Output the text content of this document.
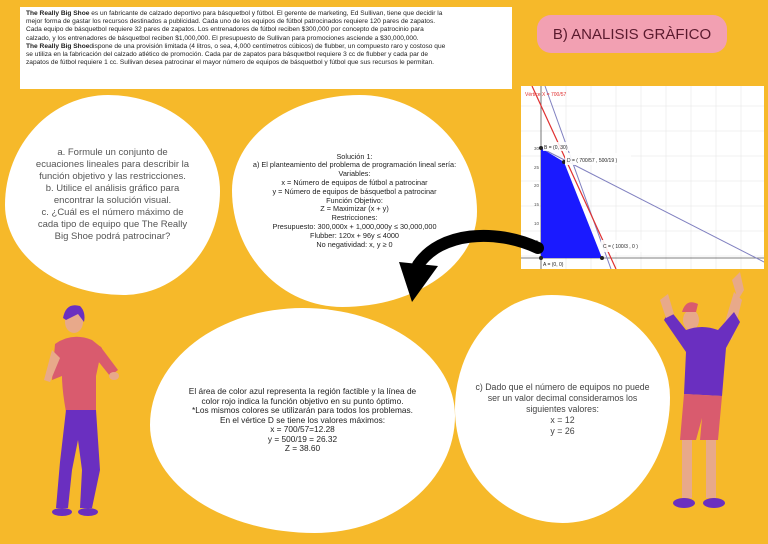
The Really Big Shoe es un fabricante de calzado deportivo para básquetbol y fútbol. El gerente de marketing, Ed Sullivan, tiene que decidir la
mejor forma de gastar los recursos destinados a publicidad. Cada uno de los equipos de fútbol patrocinados requiere 120 pares de zapatos.
Cada equipo de básquetbol requiere 32 pares de zapatos. Los entrenadores de fútbol reciben $300,000 por concepto de patrocinio para
calzado, y los entrenadores de básquetbol reciben $1,000,000. El presupuesto de Sullivan para promociones asciende a $30,000,000.
The Really Big Shoedispone de una provisión limitada (4 litros, o sea, 4,000 centímetros cúbicos) de flubber, un compuesto raro y costoso que
se utiliza en la fabricación del calzado atlético de promoción. Cada par de zapatos para básquetbol requiere 3 cc de flubber y cada par de
zapatos de fútbol requiere 1 cc. Sullivan desea patrocinar el mayor número de equipos de básquetbol y fútbol que sus recursos le permitan.
B) ANALISIS GRÀFICO
a. Formule un conjunto de ecuaciones lineales para describir la función objetivo y las restricciones.
b. Utilice el análisis gráfico para encontrar la solución visual.
c. ¿Cuál es el número máximo de cada tipo de equipo que The Really Big Shoe podrá patrocinar?
Solución 1:
a) El planteamiento del problema de programación lineal sería:
Variables:
x = Número de equipos de fútbol a patrocinar
y = Número de equipos de básquetbol a patrocinar
Función Objetivo:
Z = Maximizar (x + y)
Restricciones:
Presupuesto: 300,000x + 1,000,000y ≤ 30,000,000
Flubber: 120x + 96y ≤ 4000
No negatividad: x, y ≥ 0
Vértice X = 700/57
B = (0, 30)
D = ( 700/57 , 500/19 )
C = ( 100/3 , 0 )
A = (0, 0)
30
25
20
15
10
5
El área de color azul representa la región factible y la línea de
color rojo indica la función objetivo en su punto óptimo.
*Los mismos colores se utilizarán para todos los problemas.
En el vértice D se tiene los valores máximos:
x = 700/57=12.28
y = 500/19 = 26.32
Z = 38.60
c) Dado que el número de equipos no puede ser un valor decimal consideramos los siguientes valores:
x = 12
y = 26
